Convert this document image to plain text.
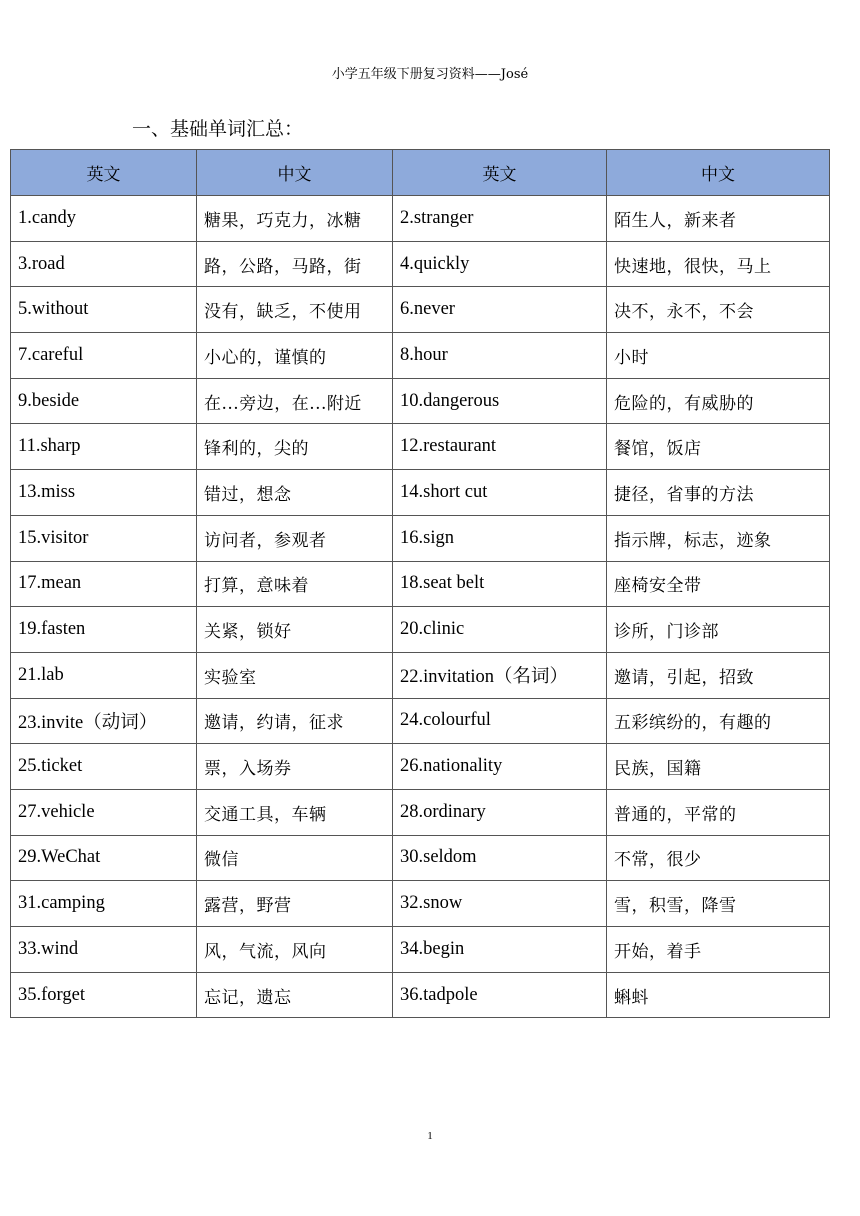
小学五年级下册复习资料——José
一、基础单词汇总：
英文	中文	英文	中文
1.candy	糖果，巧克力，冰糖	2.stranger	陌生人，新来者
3.road	路，公路，马路，街	4.quickly	快速地，很快，马上
5.without	没有，缺乏，不使用	6.never	决不，永不，不会
7.careful	小心的，谨慎的	8.hour	小时
9.beside	在...旁边，在...附近	10.dangerous	危险的，有威胁的
11.sharp	锋利的，尖的	12.restaurant	餐馆，饭店
13.miss	错过，想念	14.short cut	捷径，省事的方法
15.visitor	访问者，参观者	16.sign	指示牌，标志，迹象
17.mean	打算，意味着	18.seat belt	座椅安全带
19.fasten	关紧，锁好	20.clinic	诊所，门诊部
21.lab	实验室	22.invitation（名词）	邀请，引起，招致
23.invite（动词）	邀请，约请，征求	24.colourful	五彩缤纷的，有趣的
25.ticket	票，入场券	26.nationality	民族，国籍
27.vehicle	交通工具，车辆	28.ordinary	普通的，平常的
29.WeChat	微信	30.seldom	不常，很少
31.camping	露营，野营	32.snow	雪，积雪，降雪
33.wind	风，气流，风向	34.begin	开始，着手
35.forget	忘记，遗忘	36.tadpole	蝌蚪
1
